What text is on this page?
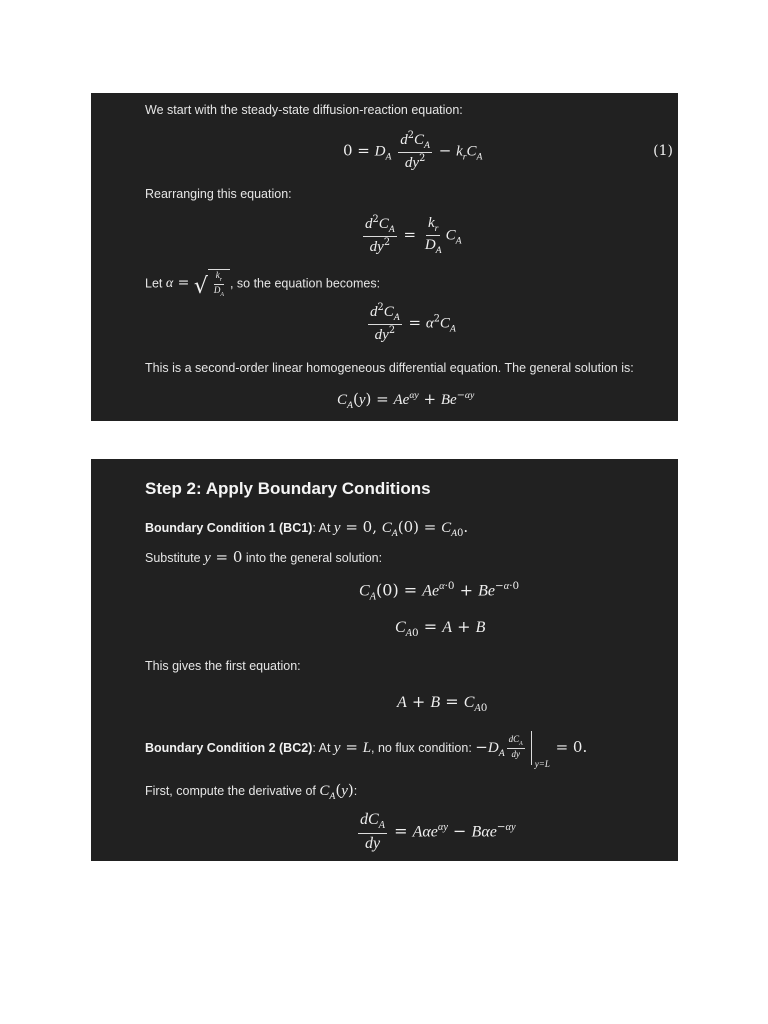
We start with the steady-state diffusion-reaction equation:
$0 = D_A \frac{d^2C_A}{dy^2} - k_rC_A$	(1)
Rearranging this equation:
$\frac{d^2C_A}{dy^2} = \frac{k_r}{D_A} C_A$
Let α = √ $\frac{k_r}{D_A}$ , so the equation becomes:
$\frac{d^2C_A}{dy^2} = \alpha^2C_A$
This is a second-order linear homogeneous differential equation. The general solution is:
$C_A(y) = Ae^{\alpha y} + Be^{-\alpha y}$
Step 2: Apply Boundary Conditions
Boundary Condition 1 (BC1): At y = 0, $C_A(0) = C_{A0}$.
Substitute y = 0 into the general solution:
$C_A(0) = Ae^{\alpha\cdot 0} + Be^{-\alpha\cdot 0}$
$C_{A0} = A + B$
This gives the first equation:
$A + B = C_{A0}$
Boundary Condition 2 (BC2): At y = L, no flux condition: $-D_A \frac{dC_A}{dy}$
y=L
= 0.
First, compute the derivative of $C_A(y)$:
$\frac{dC_A}{dy} = A\alpha e^{\alpha y} - B\alpha e^{-\alpha y}$
